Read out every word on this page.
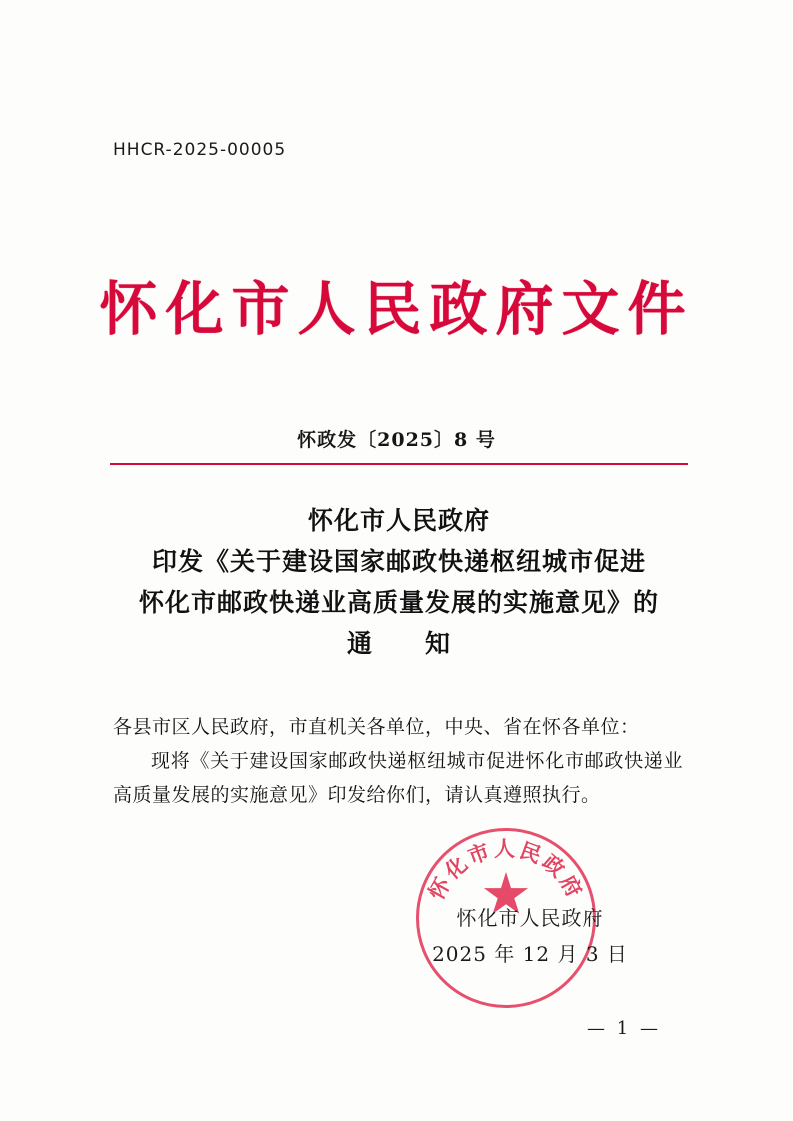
HHCR-2025-00005
怀化市人民政府文件
怀政发〔2025〕8 号
怀化市人民政府
印发《关于建设国家邮政快递枢纽城市促进
怀化市邮政快递业高质量发展的实施意见》的
通　　知

各县市区人民政府，市直机关各单位，中央、省在怀各单位：

现将《关于建设国家邮政快递枢纽城市促进怀化市邮政快递业高质量发展的实施意见》印发给你们，请认真遵照执行。

怀化市人民政府
怀化市人民政府
2025 年 12 月 3 日
— 1 —
